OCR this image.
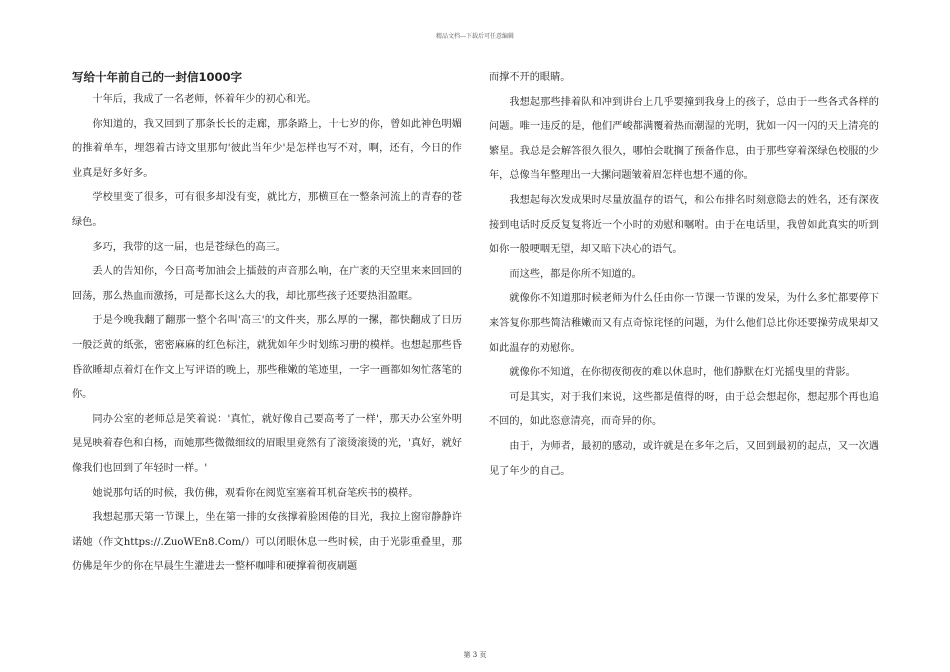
精品文档---下载后可任意编辑
写给十年前自己的一封信1000字

十年后，我成了一名老师，怀着年少的初心和光。

你知道的，我又回到了那条长长的走廊，那条路上，十七岁的你，曾如此神色明媚的推着单车，埋怨着古诗文里那句'彼此当年少'是怎样也写不对，啊，还有，今日的作业真是好多好多。

学校里变了很多，可有很多却没有变，就比方，那横亘在一整条河流上的青春的苍绿色。

多巧，我带的这一届，也是苍绿色的高三。

丢人的告知你，今日高考加油会上擂鼓的声音那么响，在广袤的天空里来来回回的回荡，那么热血而激扬，可是都长这么大的我，却比那些孩子还要热泪盈眶。

于是今晚我翻了翻那一整个名叫'高三'的文件夹，那么厚的一摞，都快翻成了日历一般泛黄的纸张，密密麻麻的红色标注，就犹如年少时划练习册的模样。也想起那些昏昏欲睡却点着灯在作文上写评语的晚上，那些稚嫩的笔迹里，一字一画都如匆忙落笔的你。

同办公室的老师总是笑着说：'真忙，就好像自己要高考了一样'，那天办公室外明晃晃映着春色和白杨，而她那些微微细纹的眉眼里竟然有了滚烫滚烫的光，'真好，就好像我们也回到了年轻时一样。'

她说那句话的时候，我仿佛，观看你在阅览室塞着耳机奋笔疾书的模样。

我想起那天第一节课上，坐在第一排的女孩撑着脸困倦的目光，我拉上窗帘静静许诺她（作文https://.ZuoWEn8.Com/）可以闭眼休息一些时候，由于光影重叠里，那仿佛是年少的你在早晨生生灌进去一整杯咖啡和硬撑着彻夜刷题

而撑不开的眼睛。

我想起那些排着队和冲到讲台上几乎要撞到我身上的孩子，总由于一些各式各样的问题。唯一违反的是，他们严峻都满覆着热而潮湿的光明，犹如一闪一闪的天上清亮的繁星。我总是会解答很久很久，哪怕会耽搁了预备作息，由于那些穿着深绿色校服的少年，总像当年整理出一大摞问题皱着眉怎样也想不通的你。

我想起每次发成果时尽量放温存的语气，和公布排名时刻意隐去的姓名，还有深夜接到电话时反反复复将近一个小时的劝慰和嘱咐。由于在电话里，我曾如此真实的听到如你一般哽咽无望，却又暗下决心的语气。

而这些，都是你所不知道的。

就像你不知道那时候老师为什么任由你一节课一节课的发呆，为什么多忙都要停下来答复你那些简洁稚嫩而又有点奇惊诧怪的问题，为什么他们总比你还要操劳成果却又如此温存的劝慰你。

就像你不知道，在你彻夜彻夜的难以休息时，他们静默在灯光摇曳里的背影。

可是其实，对于我们来说，这些都是值得的呀，由于总会想起你，想起那个再也追不回的，如此恣意清亮，而奇异的你。

由于，为师者，最初的感动，或许就是在多年之后，又回到最初的起点，又一次遇见了年少的自己。

第 3 页
